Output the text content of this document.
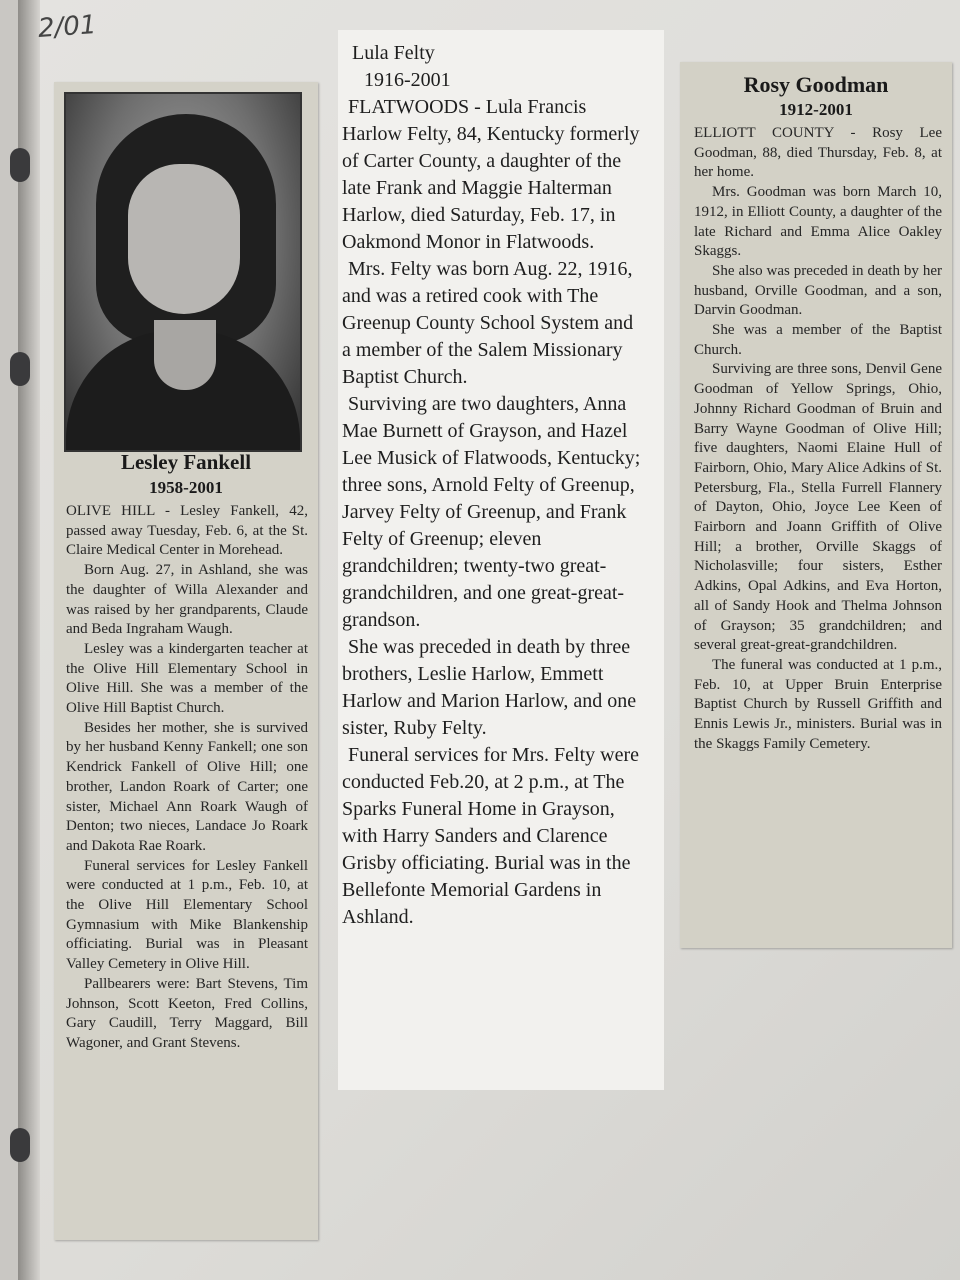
2/01
Lesley Fankell
1958-2001

OLIVE HILL - Lesley Fankell, 42, passed away Tuesday, Feb. 6, at the St. Claire Medical Center in Morehead.

Born Aug. 27, in Ashland, she was the daughter of Willa Alexander and was raised by her grandparents, Claude and Beda Ingraham Waugh.

Lesley was a kindergarten teacher at the Olive Hill Elementary School in Olive Hill. She was a member of the Olive Hill Baptist Church.

Besides her mother, she is survived by her husband Kenny Fankell; one son Kendrick Fankell of Olive Hill; one brother, Landon Roark of Carter; one sister, Michael Ann Roark Waugh of Denton; two nieces, Landace Jo Roark and Dakota Rae Roark.

Funeral services for Lesley Fankell were conducted at 1 p.m., Feb. 10, at the Olive Hill Elementary School Gymnasium with Mike Blankenship officiating. Burial was in Pleasant Valley Cemetery in Olive Hill.

Pallbearers were: Bart Stevens, Tim Johnson, Scott Keeton, Fred Collins, Gary Caudill, Terry Maggard, Bill Wagoner, and Grant Stevens.

Lula Felty
1916-2001

FLATWOODS - Lula Francis Harlow Felty, 84, Kentucky formerly of Carter County, a daughter of the late Frank and Maggie Halterman Harlow, died Saturday, Feb. 17, in Oakmond Monor in Flatwoods.

Mrs. Felty was born Aug. 22, 1916, and was a retired cook with The Greenup County School System and a member of the Salem Missionary Baptist Church.

Surviving are two daughters, Anna Mae Burnett of Grayson, and Hazel Lee Musick of Flatwoods, Kentucky; three sons, Arnold Felty of Greenup, Jarvey Felty of Greenup, and Frank Felty of Greenup; eleven grandchildren; twenty-two great-grandchildren, and one great-great-grandson.

She was preceded in death by three brothers, Leslie Harlow, Emmett Harlow and Marion Harlow, and one sister, Ruby Felty.

Funeral services for Mrs. Felty were conducted Feb.20, at 2 p.m., at The Sparks Funeral Home in Grayson, with Harry Sanders and Clarence Grisby officiating. Burial was in the Bellefonte Memorial Gardens in Ashland.

Rosy Goodman
1912-2001

ELLIOTT COUNTY - Rosy Lee Goodman, 88, died Thursday, Feb. 8, at her home.

Mrs. Goodman was born March 10, 1912, in Elliott County, a daughter of the late Richard and Emma Alice Oakley Skaggs.

She also was preceded in death by her husband, Orville Goodman, and a son, Darvin Goodman.

She was a member of the Baptist Church.

Surviving are three sons, Denvil Gene Goodman of Yellow Springs, Ohio, Johnny Richard Goodman of Bruin and Barry Wayne Goodman of Olive Hill; five daughters, Naomi Elaine Hull of Fairborn, Ohio, Mary Alice Adkins of St. Petersburg, Fla., Stella Furrell Flannery of Dayton, Ohio, Joyce Lee Keen of Fairborn and Joann Griffith of Olive Hill; a brother, Orville Skaggs of Nicholasville; four sisters, Esther Adkins, Opal Adkins, and Eva Horton, all of Sandy Hook and Thelma Johnson of Grayson; 35 grandchildren; and several great-great-grandchildren.

The funeral was conducted at 1 p.m., Feb. 10, at Upper Bruin Enterprise Baptist Church by Russell Griffith and Ennis Lewis Jr., ministers. Burial was in the Skaggs Family Cemetery.
